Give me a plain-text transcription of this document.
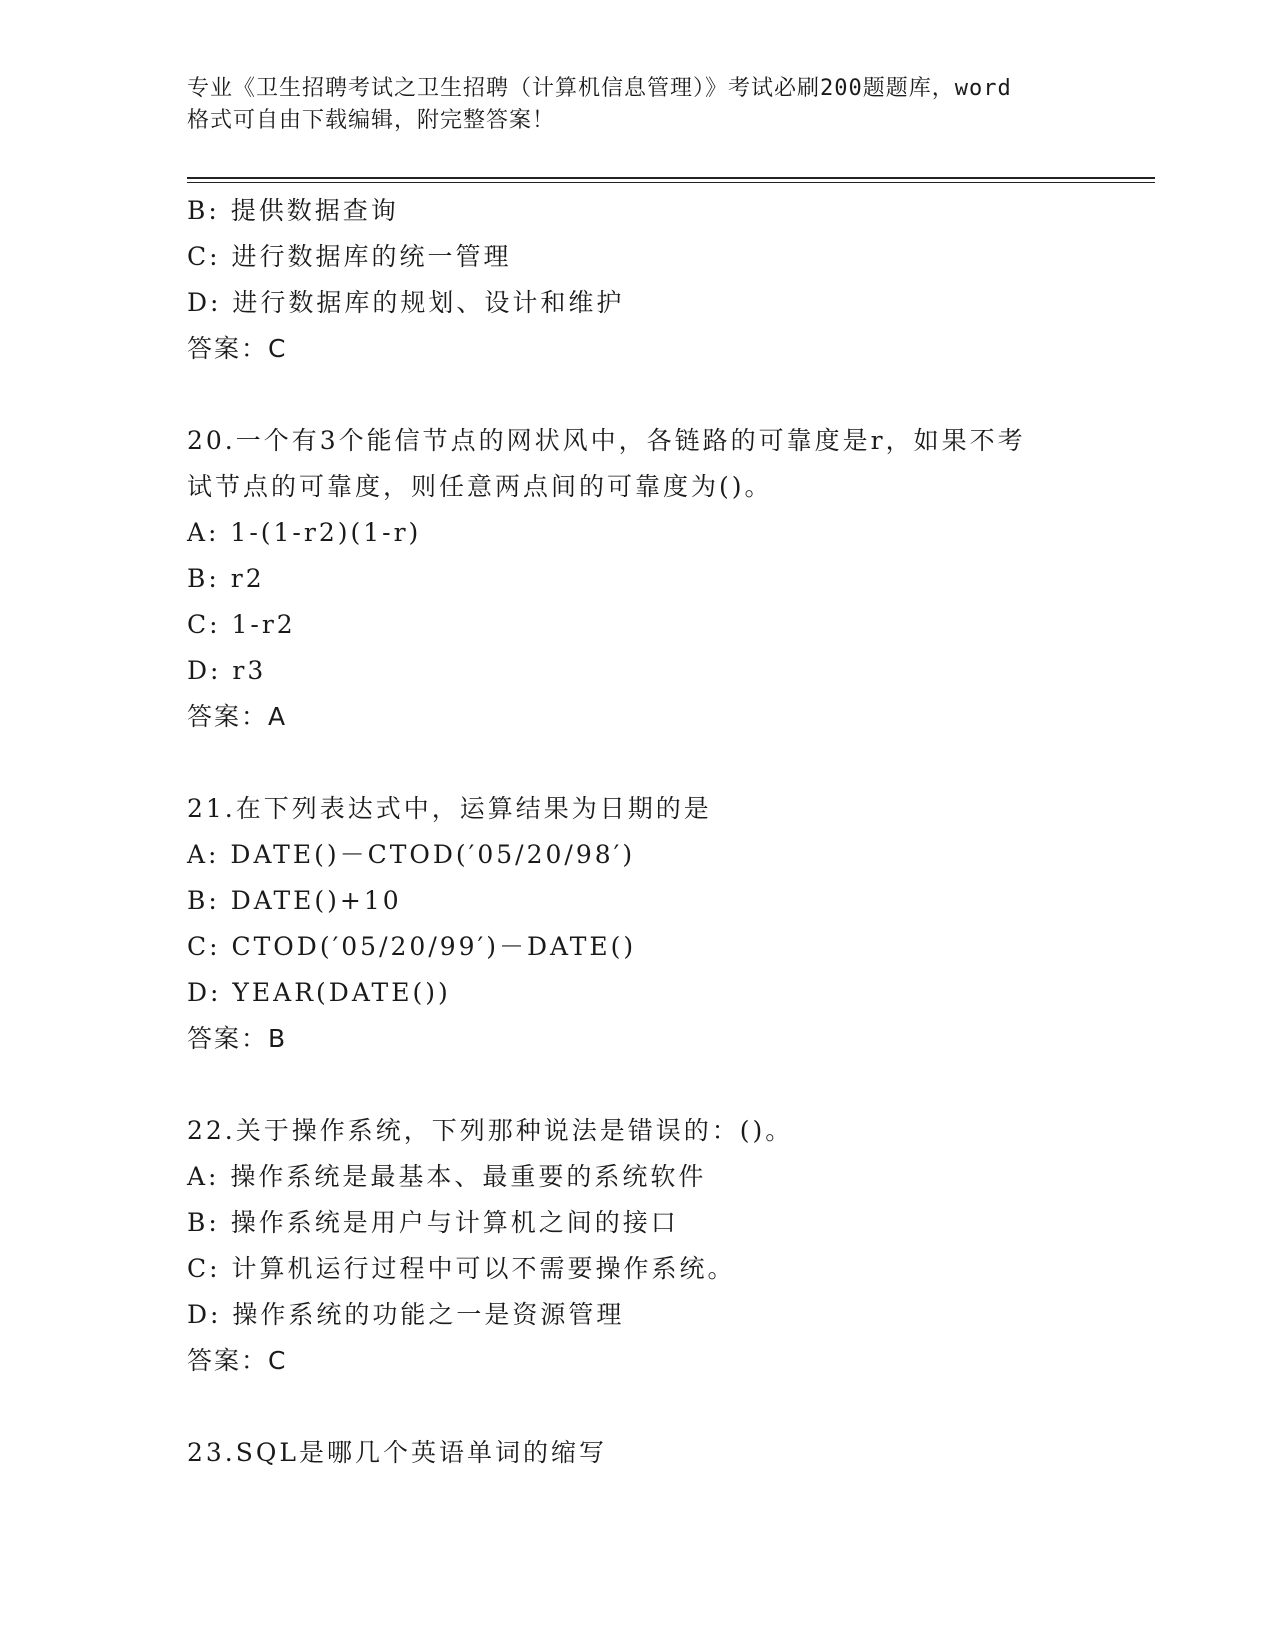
专业《卫生招聘考试之卫生招聘（计算机信息管理）》考试必刷200题题库，word
格式可自由下载编辑，附完整答案！
B: 提供数据查询
C: 进行数据库的统一管理
D: 进行数据库的规划、设计和维护
答案：C
20.一个有3个能信节点的网状风中，各链路的可靠度是r，如果不考
试节点的可靠度，则任意两点间的可靠度为()。
A: 1-(1-r2)(1-r)
B: r2
C: 1-r2
D: r3
答案：A
21.在下列表达式中，运算结果为日期的是
A: DATE()－CTOD(′05/20/98′)
B: DATE()+10
C: CTOD(′05/20/99′)－DATE()
D: YEAR(DATE())
答案：B
22.关于操作系统，下列那种说法是错误的：()。
A: 操作系统是最基本、最重要的系统软件
B: 操作系统是用户与计算机之间的接口
C: 计算机运行过程中可以不需要操作系统。
D: 操作系统的功能之一是资源管理
答案：C
23.SQL是哪几个英语单词的缩写
